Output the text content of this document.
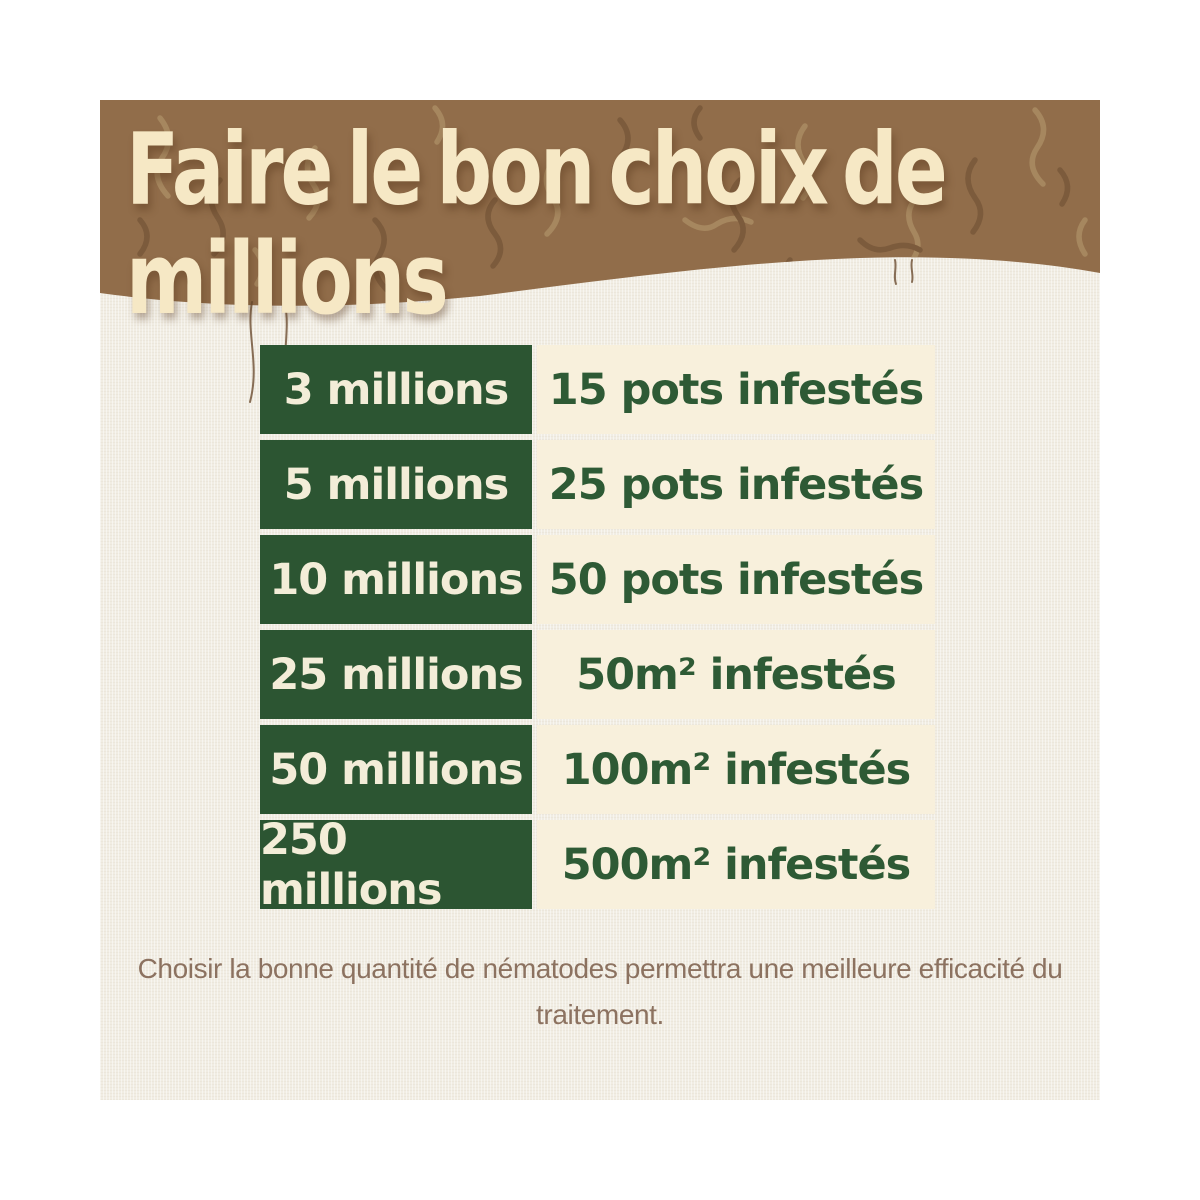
Faire le bon choix de
millions
3 millions 15 pots infestés
5 millions 25 pots infestés
10 millions 50 pots infestés
25 millions	50m² infestés
50 millions 100m² infestés
250 millions	500m² infestés

Choisir la bonne quantité de nématodes permettra une meilleure efficacité du traitement.
